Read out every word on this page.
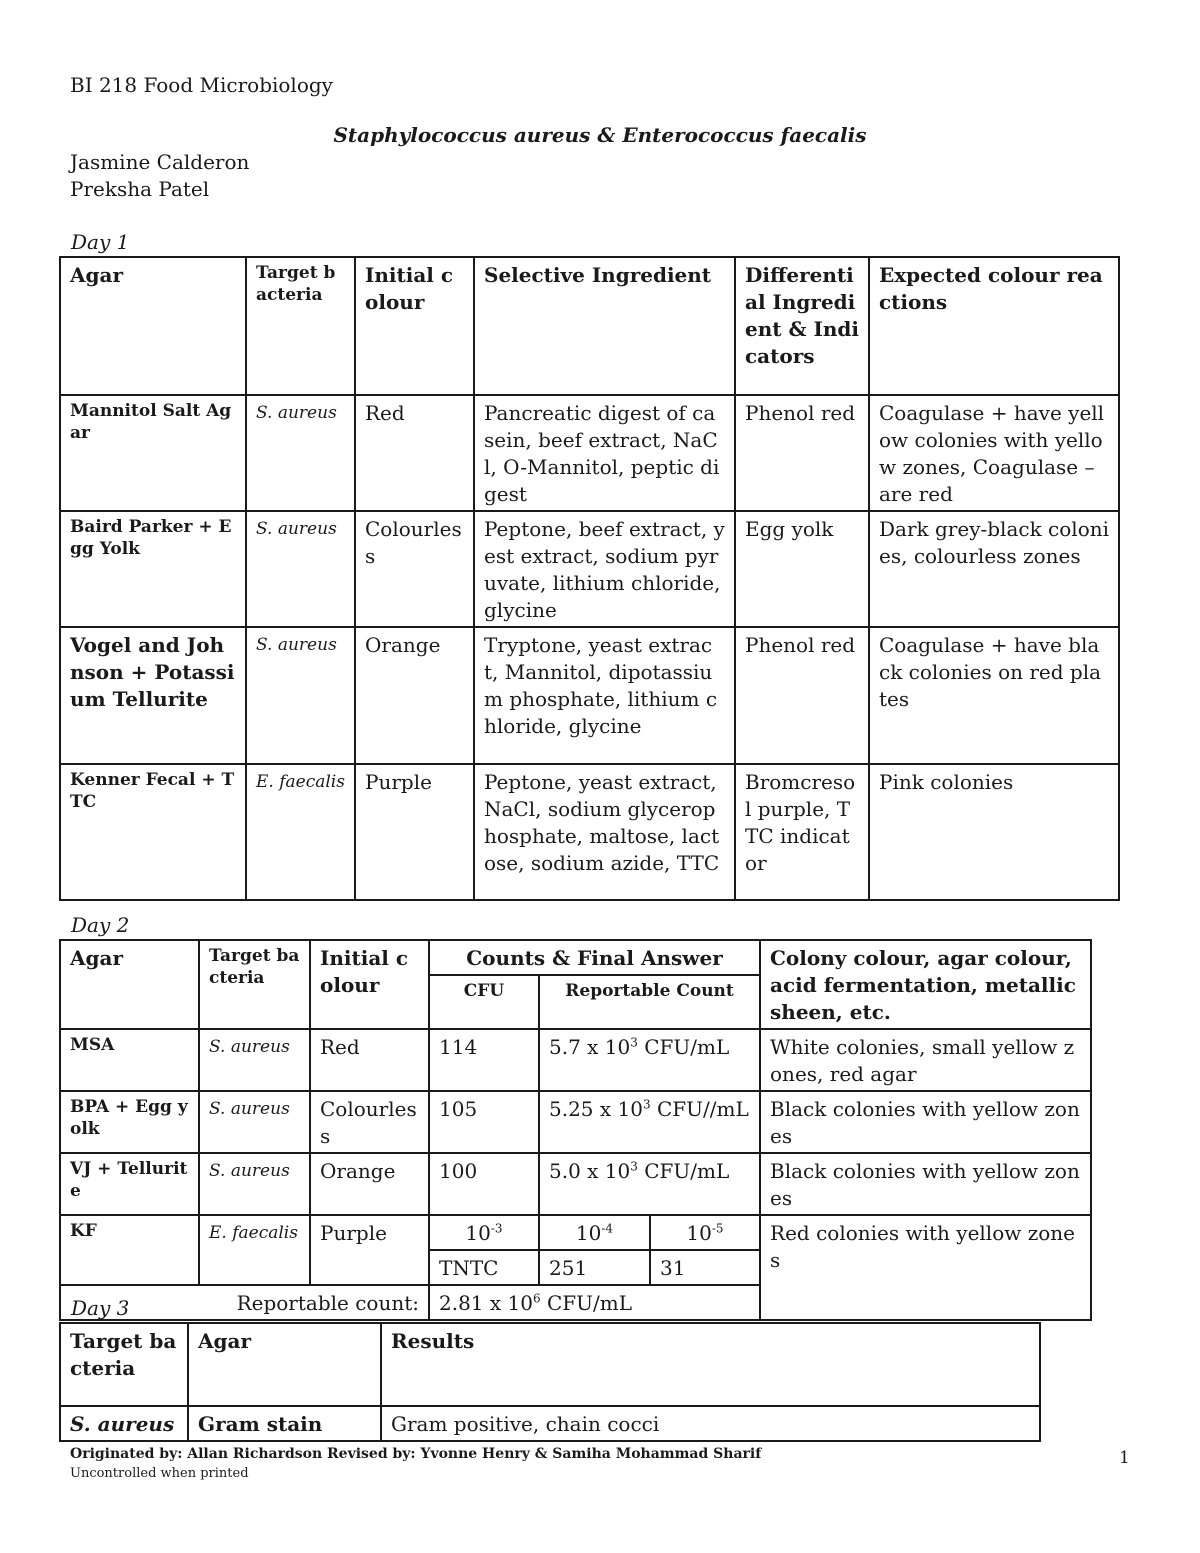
BI 218 Food Microbiology
Staphylococcus aureus & Enterococcus faecalis
Jasmine Calderon
Preksha Patel
Day 1
Agar	Target bacteria	Initial colour	Selective Ingredient	Differential Ingredient & Indicators	Expected colour reactions
Mannitol Salt Agar	S. aureus	Red	Pancreatic digest of casein, beef extract, NaCl, O-Mannitol, peptic digest	Phenol red	Coagulase + have yellow colonies with yellow zones, Coagulase – are red
Baird Parker + Egg Yolk	S. aureus	Colourless	Peptone, beef extract, yest extract, sodium pyruvate, lithium chloride, glycine	Egg yolk	Dark grey-black colonies, colourless zones
Vogel and Johnson + Potassium Tellurite	S. aureus	Orange	Tryptone, yeast extract, Mannitol, dipotassium phosphate, lithium chloride, glycine	Phenol red	Coagulase + have black colonies on red plates
Kenner Fecal + TTC	E. faecalis	Purple	Peptone, yeast extract, NaCl, sodium glycerophosphate, maltose, lactose, sodium azide, TTC	Bromcresol purple, TTC indicator	Pink colonies
Day 2
Agar	Target bacteria	Initial colour	Counts & Final Answer			Colony colour, agar colour, acid fermentation, metallic sheen, etc.
			CFU	Reportable Count		
MSA	S. aureus	Red	114	5.7 x $10^3$ CFU/mL		White colonies, small yellow zones, red agar
BPA + Egg yolk	S. aureus	Colourless	105	5.25 x $10^3$ CFU//mL		Black colonies with yellow zones
VJ + Tellurite	S. aureus	Orange	100	5.0 x $10^3$ CFU/mL		Black colonies with yellow zones
KF	E. faecalis	Purple	$10^{-3}$	$10^{-4}$	$10^{-5}$	Red colonies with yellow zones
			TNTC	251	31	
Reportable count:			2.81 x $10^6$ CFU/mL			
Day 3
Target bacteria	Agar	Results
S. aureus	Gram stain	Gram positive, chain cocci
Originated by: Allan Richardson Revised by: Yvonne Henry & Samiha Mohammad Sharif
Uncontrolled when printed
1
